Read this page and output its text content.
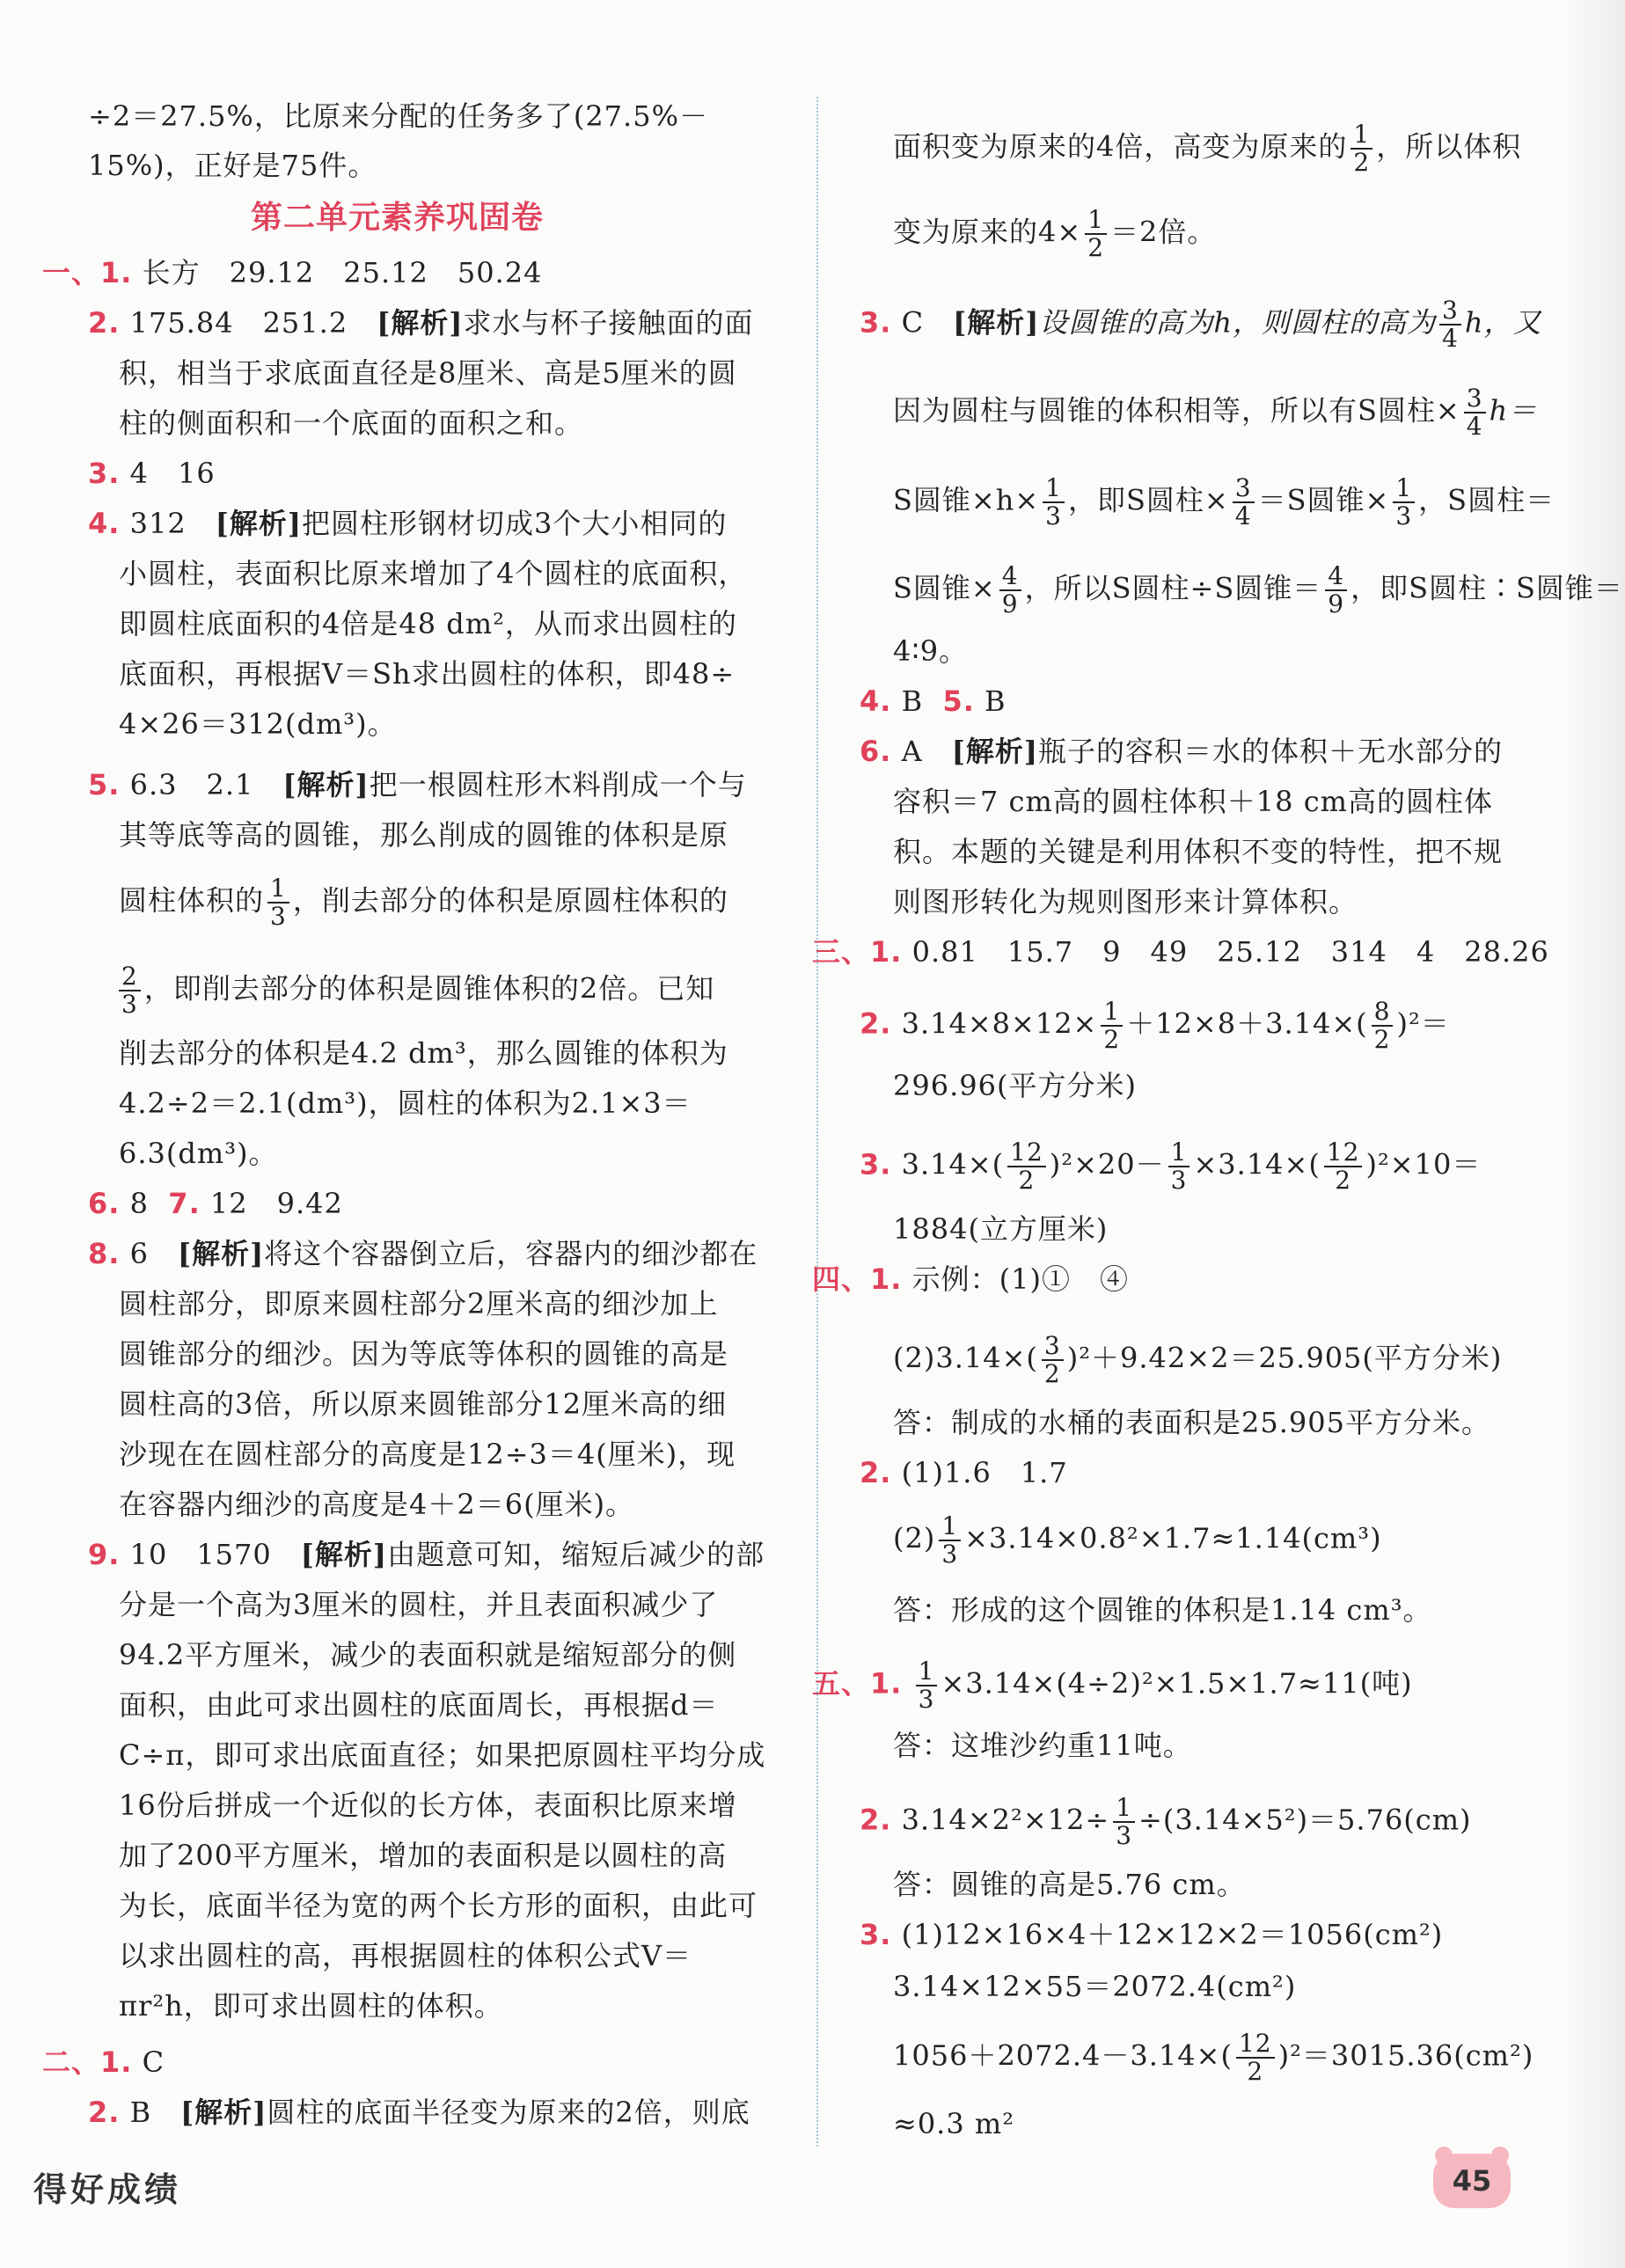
÷2＝27.5%，比原来分配的任务多了(27.5%－
15%)，正好是75件。
第二单元素养巩固卷
一、1. 长方　29.12　25.12　50.24
2. 175.84　251.2　[解析]求水与杯子接触面的面
积，相当于求底面直径是8厘米、高是5厘米的圆
柱的侧面积和一个底面的面积之和。
3. 4　16
4. 312　[解析]把圆柱形钢材切成3个大小相同的
小圆柱，表面积比原来增加了4个圆柱的底面积，
即圆柱底面积的4倍是48 dm²，从而求出圆柱的
底面积，再根据V＝Sh求出圆柱的体积，即48÷
4×26＝312(dm³)。
5. 6.3　2.1　[解析]把一根圆柱形木料削成一个与
其等底等高的圆锥，那么削成的圆锥的体积是原
圆柱体积的 $\frac{1}{3}$ ，削去部分的体积是原圆柱体积的
$\frac{2}{3}$ ，即削去部分的体积是圆锥体积的2倍。已知
削去部分的体积是4.2 dm³，那么圆锥的体积为
4.2÷2＝2.1(dm³)，圆柱的体积为2.1×3＝
6.3(dm³)。
6. 8 7. 12　9.42
8. 6　[解析]将这个容器倒立后，容器内的细沙都在
圆柱部分，即原来圆柱部分2厘米高的细沙加上
圆锥部分的细沙。因为等底等体积的圆锥的高是
圆柱高的3倍，所以原来圆锥部分12厘米高的细
沙现在在圆柱部分的高度是12÷3＝4(厘米)，现
在容器内细沙的高度是4＋2＝6(厘米)。
9. 10　1570　[解析]由题意可知，缩短后减少的部
分是一个高为3厘米的圆柱，并且表面积减少了
94.2平方厘米，减少的表面积就是缩短部分的侧
面积，由此可求出圆柱的底面周长，再根据d＝
C÷π，即可求出底面直径；如果把原圆柱平均分成
16份后拼成一个近似的长方体，表面积比原来增
加了200平方厘米，增加的表面积是以圆柱的高
为长，底面半径为宽的两个长方形的面积，由此可
以求出圆柱的高，再根据圆柱的体积公式V＝
πr²h，即可求出圆柱的体积。
二、1. C
2. B　[解析]圆柱的底面半径变为原来的2倍，则底
面积变为原来的4倍，高变为原来的 $\frac{1}{2}$ ，所以体积
变为原来的$4\times \frac{1}{2} =2$倍。
3. C　[解析]设圆锥的高为h，则圆柱的高为 $\frac{3}{4}$ h，又
因为圆柱与圆锥的体积相等，所以有S圆柱× $\frac{3}{4} h=$
S圆锥$\times h\times \frac{1}{3}$ ，即S圆柱× $\frac{3}{4} =S$圆锥× $\frac{1}{3}$ ，S圆柱＝
S圆锥× $\frac{4}{9}$ ，所以S圆柱÷S圆锥＝ $\frac{4}{9}$ ，即S圆柱∶S圆锥＝
4∶9。
4. B 5. B
6. A　[解析]瓶子的容积＝水的体积＋无水部分的
容积＝7 cm高的圆柱体积＋18 cm高的圆柱体
积。本题的关键是利用体积不变的特性，把不规
则图形转化为规则图形来计算体积。
三、1. 0.81　15.7　9　49　25.12　314　4　28.26
2. $3.14\times 8\times 12\times \frac{1}{2} +12\times 8+3.14\times( \frac{8}{2} )^2=$
296.96(平方分米)
3. $3.14\times( \frac{12}{2} )^2\times 20- \frac{1}{3} \times 3.14\times( \frac{12}{2} )^2\times 10=$
1884(立方厘米)
四、1. 示例：(1)①　④
$(2)3.14\times( \frac{3}{2} )^2+9.42\times 2=25.905$(平方分米)
答：制成的水桶的表面积是25.905平方分米。
2. (1)1.6　1.7
$(2) \frac{1}{3} \times 3.14\times 0.8^2\times 1.7\approx 1.14(cm^3)$
答：形成的这个圆锥的体积是1.14 cm³。
五、1. $\frac{1}{3} \times 3.14\times(4\div 2)^2\times 1.5\times 1.7\approx 11$(吨)
答：这堆沙约重11吨。
2. $3.14\times 2^2\times 12\div \frac{1}{3} \div(3.14\times 5^2)=5.76(cm)$
答：圆锥的高是5.76 cm。
3. (1)12×16×4＋12×12×2＝1056(cm²)
3.14×12×55＝2072.4(cm²)
$1056+2072.4-3.14\times( \frac{12}{2} )^2=3015.36(cm^2)$
≈0.3 m²
得好成绩	45
